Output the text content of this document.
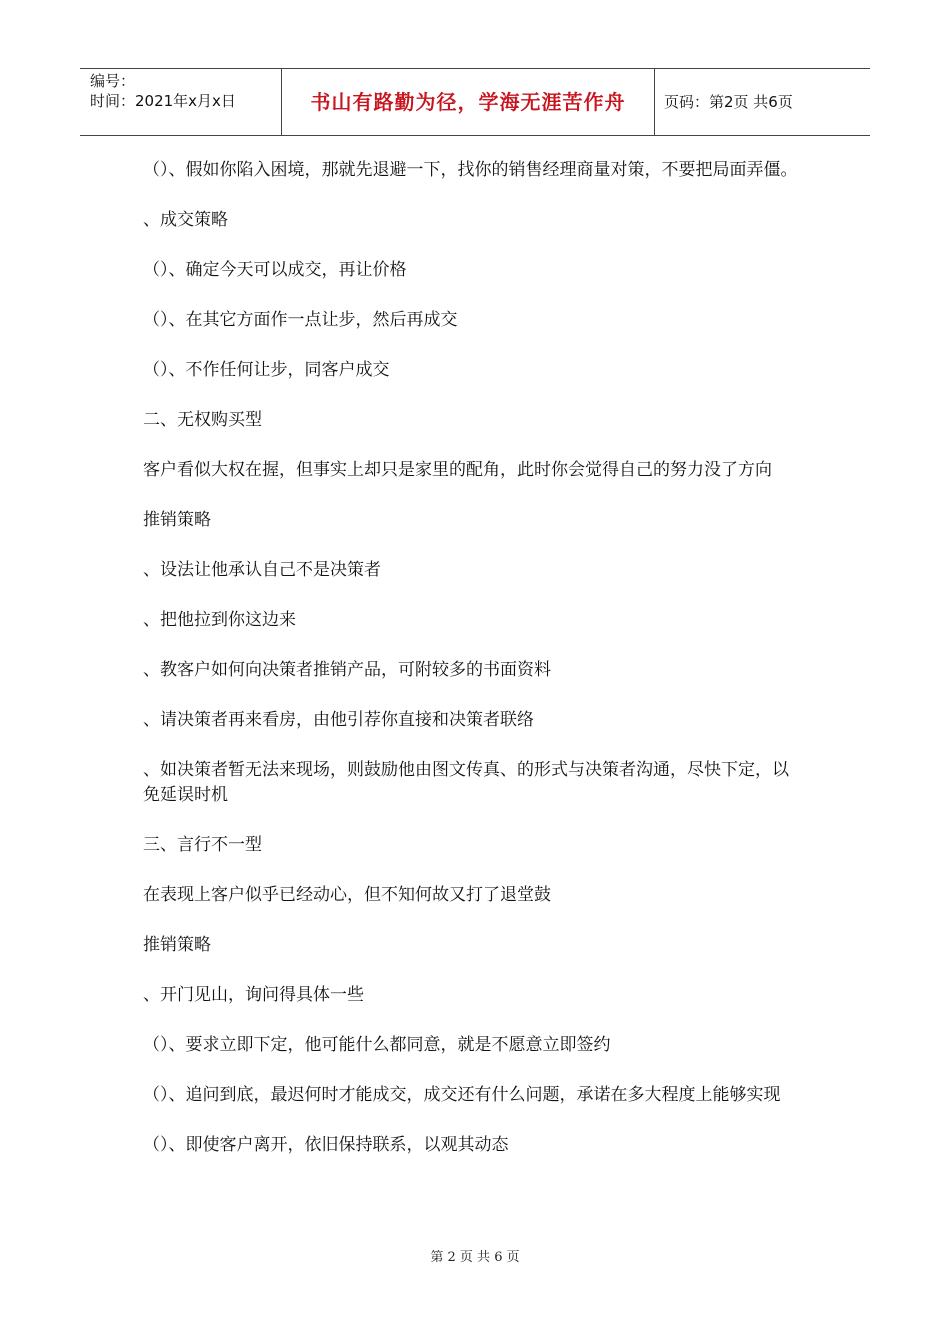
编号：
时间：2021年x月x日	书山有路勤为径，学海无涯苦作舟	页码：第2页 共6页

（）、假如你陷入困境，那就先退避一下，找你的销售经理商量对策，不要把局面弄僵。

、成交策略

（）、确定今天可以成交，再让价格

（）、在其它方面作一点让步，然后再成交

（）、不作任何让步，同客户成交

二、无权购买型

客户看似大权在握，但事实上却只是家里的配角，此时你会觉得自己的努力没了方向

推销策略

、设法让他承认自己不是决策者

、把他拉到你这边来

、教客户如何向决策者推销产品，可附较多的书面资料

、请决策者再来看房，由他引荐你直接和决策者联络

、如决策者暂无法来现场，则鼓励他由图文传真、的形式与决策者沟通，尽快下定，以免延误时机

三、言行不一型

在表现上客户似乎已经动心，但不知何故又打了退堂鼓

推销策略

、开门见山，询问得具体一些

（）、要求立即下定，他可能什么都同意，就是不愿意立即签约

（）、追问到底，最迟何时才能成交，成交还有什么问题，承诺在多大程度上能够实现

（）、即使客户离开，依旧保持联系，以观其动态

第 2 页 共 6 页
